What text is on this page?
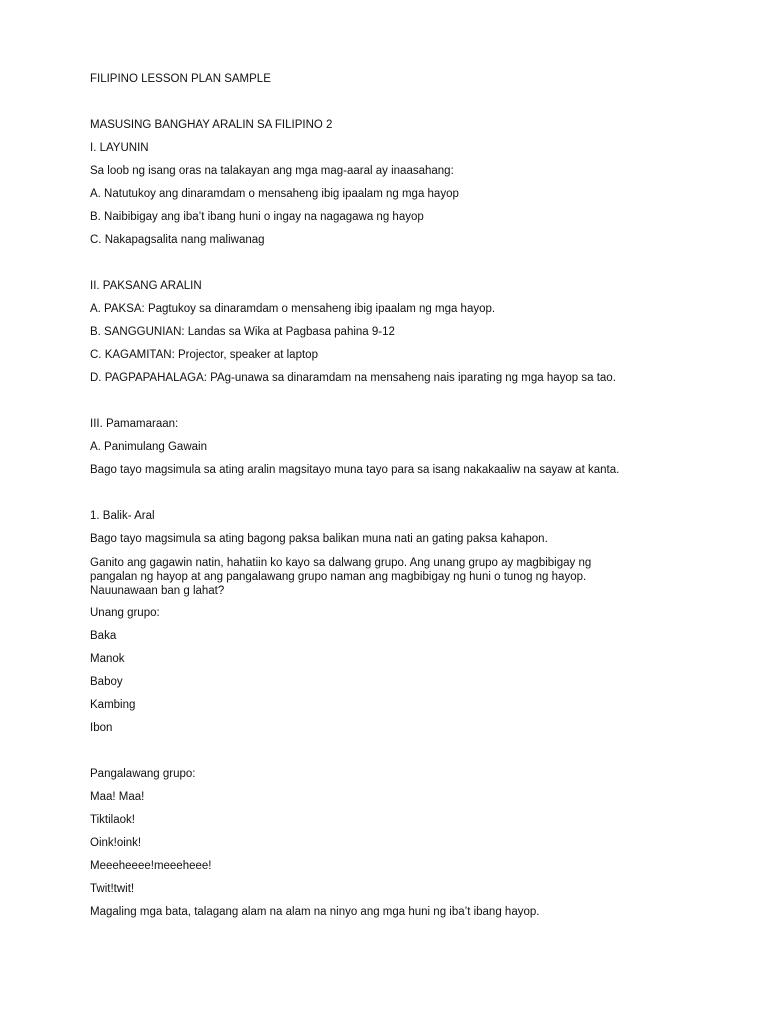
FILIPINO LESSON PLAN SAMPLE

MASUSING BANGHAY ARALIN SA FILIPINO 2

I. LAYUNIN

Sa loob ng isang oras na talakayan ang mga mag-aaral ay inaasahang:

A. Natutukoy ang dinaramdam o mensaheng ibig ipaalam ng mga hayop

B. Naibibigay ang iba’t ibang huni o ingay na nagagawa ng hayop

C. Nakapagsalita nang maliwanag

II. PAKSANG ARALIN

A. PAKSA: Pagtukoy sa dinaramdam o mensaheng ibig ipaalam ng mga hayop.

B. SANGGUNIAN: Landas sa Wika at Pagbasa pahina 9-12

C. KAGAMITAN: Projector, speaker at laptop

D. PAGPAPAHALAGA: PAg-unawa sa dinaramdam na mensaheng nais iparating ng mga hayop sa tao.

III. Pamamaraan:

A. Panimulang Gawain

Bago tayo magsimula sa ating aralin magsitayo muna tayo para sa isang nakakaaliw na sayaw at kanta.

1. Balik- Aral

Bago tayo magsimula sa ating bagong paksa balikan muna nati an gating paksa kahapon.

Ganito ang gagawin natin, hahatiin ko kayo sa dalwang grupo. Ang unang grupo ay magbibigay ng

pangalan ng hayop at ang pangalawang grupo naman ang magbibigay ng huni o tunog ng hayop.

Nauunawaan ban g lahat?

Unang grupo:

Baka

Manok

Baboy

Kambing

Ibon

Pangalawang grupo:

Maa! Maa!

Tiktilaok!

Oink!oink!

Meeeheeee!meeeheee!

Twit!twit!

Magaling mga bata, talagang alam na alam na ninyo ang mga huni ng iba’t ibang hayop.
